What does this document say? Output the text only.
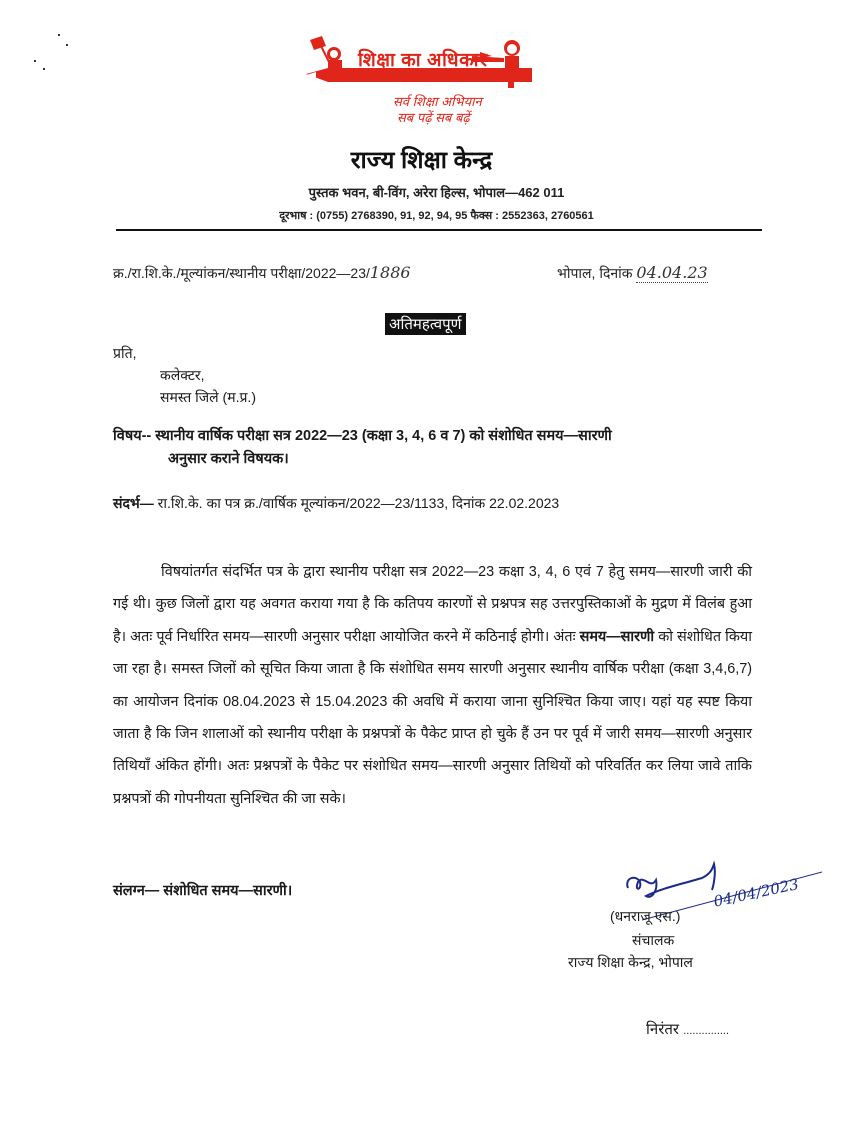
शिक्षा का अधिकार
सर्व शिक्षा अभियान
सब पढ़ें सब बढ़ें
राज्य शिक्षा केन्द्र
पुस्तक भवन, बी-विंग, अरेरा हिल्स, भोपाल—462 011
दूरभाष : (0755) 2768390, 91, 92, 94, 95 फैक्स : 2552363, 2760561
क्र./रा.शि.के./मूल्यांकन/स्थानीय परीक्षा/2022—23/1886	भोपाल, दिनांक 04.04.23
अतिमहत्वपूर्ण
प्रति,
कलेक्टर,
समस्त जिले (म.प्र.)
विषय-- स्थानीय वार्षिक परीक्षा सत्र 2022—23 (कक्षा 3, 4, 6 व 7) को संशोधित समय—सारणी
अनुसार कराने विषयक।
संदर्भ— रा.शि.के. का पत्र क्र./वार्षिक मूल्यांकन/2022—23/1133, दिनांक 22.02.2023
विषयांतर्गत संदर्भित पत्र के द्वारा स्थानीय परीक्षा सत्र 2022—23 कक्षा 3, 4, 6 एवं 7 हेतु समय—सारणी जारी की गई थी। कुछ जिलों द्वारा यह अवगत कराया गया है कि कतिपय कारणों से प्रश्नपत्र सह उत्तरपुस्तिकाओं के मुद्रण में विलंब हुआ है। अतः पूर्व निर्धारित समय—सारणी अनुसार परीक्षा आयोजित करने में कठिनाई होगी। अंतः समय—सारणी को संशोधित किया जा रहा है। समस्त जिलों को सूचित किया जाता है कि संशोधित समय सारणी अनुसार स्थानीय वार्षिक परीक्षा (कक्षा 3,4,6,7) का आयोजन दिनांक 08.04.2023 से 15.04.2023 की अवधि में कराया जाना सुनिश्चित किया जाए। यहां यह स्पष्ट किया जाता है कि जिन शालाओं को स्थानीय परीक्षा के प्रश्नपत्रों के पैकेट प्राप्त हो चुके हैं उन पर पूर्व में जारी समय—सारणी अनुसार तिथियाँ अंकित होंगी। अतः प्रश्नपत्रों के पैकेट पर संशोधित समय—सारणी अनुसार तिथियों को परिवर्तित कर लिया जावे ताकि प्रश्नपत्रों की गोपनीयता सुनिश्चित की जा सके।
संलग्न— संशोधित समय—सारणी।
(धनराजू एस.)
04/04/2023
संचालक
राज्य शिक्षा केन्द्र, भोपाल
निरंतर ...............
